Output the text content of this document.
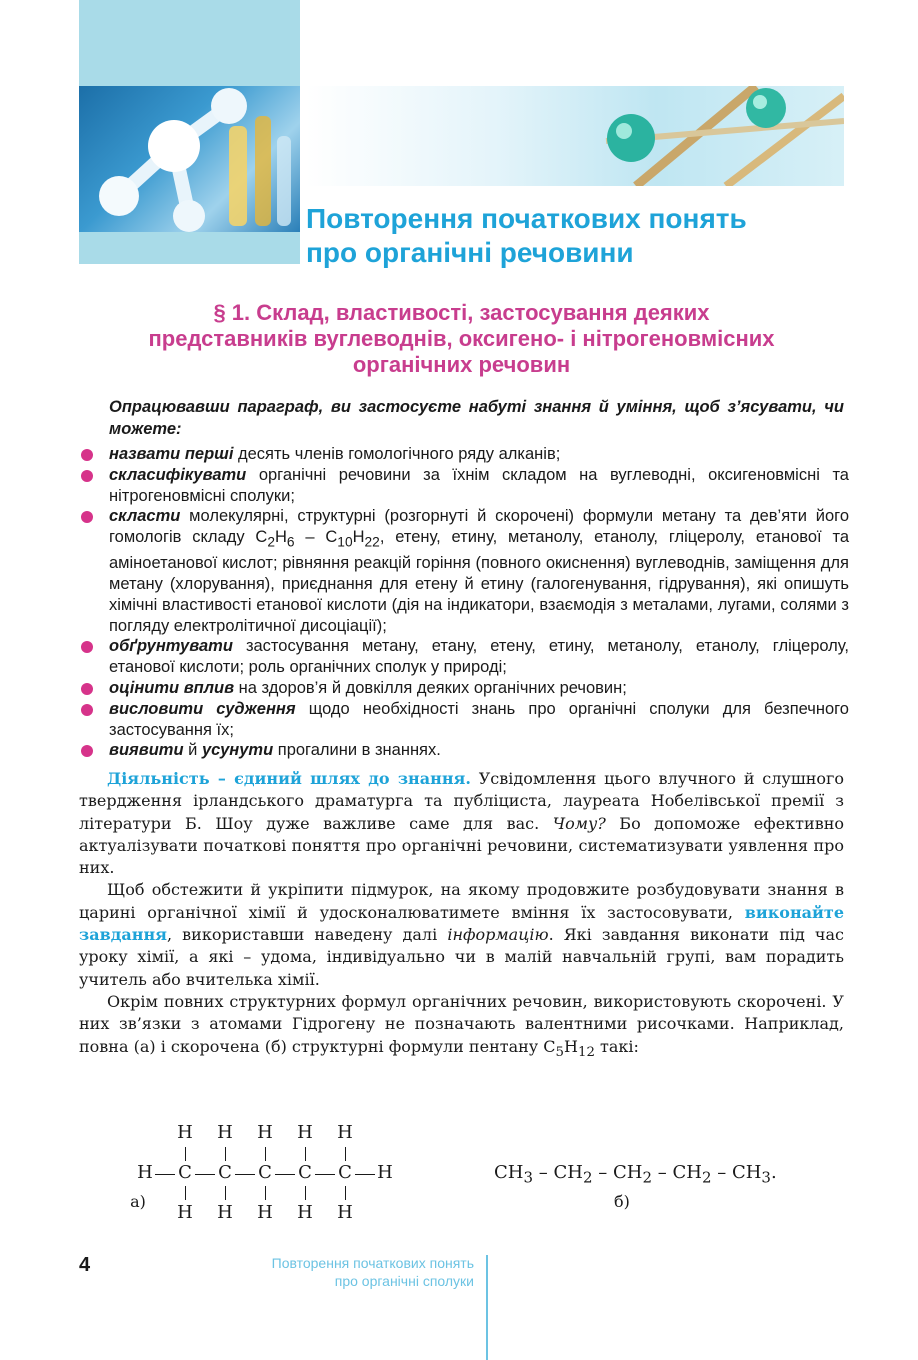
Повторення початкових понять
про органічні речовини
§ 1. Склад, властивості, застосування деяких
представників вуглеводнів, оксигено- і нітрогеновмісних
органічних речовин
Опрацювавши параграф, ви застосуєте набуті знання й уміння, щоб з’ясувати, чи можете:
назвати перші десять членів гомологічного ряду алканів;
скласифікувати органічні речовини за їхнім складом на вуглеводні, оксигеновмісні та нітрогеновмісні сполуки;
скласти молекулярні, структурні (розгорнуті й скорочені) формули метану та дев’яти його гомологів складу $C_2H_6 - C_{10}H_{22}$, етену, етину, метанолу, етанолу, гліцеролу, етанової та аміноетанової кислот; рівняння реакцій горіння (повного окиснення) вуглеводнів, заміщення для метану (хлорування), приєднання для етену й етину (галогенування, гідрування), які опишуть хімічні властивості етанової кислоти (дія на індикатори, взаємодія з металами, лугами, солями з погляду електролітичної дисоціації);
обґрунтувати застосування метану, етану, етену, етину, метанолу, етанолу, гліцеролу, етанової кислоти; роль органічних сполук у природі;
оцінити вплив на здоров’я й довкілля деяких органічних речовин;
висловити судження щодо необхідності знань про органічні сполуки для безпечного застосування їх;
виявити й усунути прогалини в знаннях.

Діяльність – єдиний шлях до знання. Усвідомлення цього влучного й слушного твердження ірландського драматурга та публіциста, лауреата Нобелівської премії з літератури Б. Шоу дуже важливе саме для вас. Чому? Бо допоможе ефективно актуалізувати початкові поняття про органічні речовини, систематизувати уявлення про них.

Щоб обстежити й укріпити підмурок, на якому продовжите розбудовувати знання в царині органічної хімії й удосконалюватимете вміння їх застосовувати, виконайте завдання, використавши наведену далі інформацію. Які завдання виконати під час уроку хімії, а які – удома, індивідуально чи в малій навчальній групі, вам порадить учитель або вчителька хімії.

Окрім повних структурних формул органічних речовин, використовують скорочені. У них зв’язки з атомами Гідрогену не позначають валентними рисочками. Наприклад, повна (а) і скорочена (б) структурні формули пентану $C_5H_{12}$ такі:

H H H H H
H C C C C C H
а)
H H H H H
$CH_3 - CH_2 - CH_2 - CH_2 - CH_3$.
б)
4	Повторення початкових понять
про органічні сполуки
